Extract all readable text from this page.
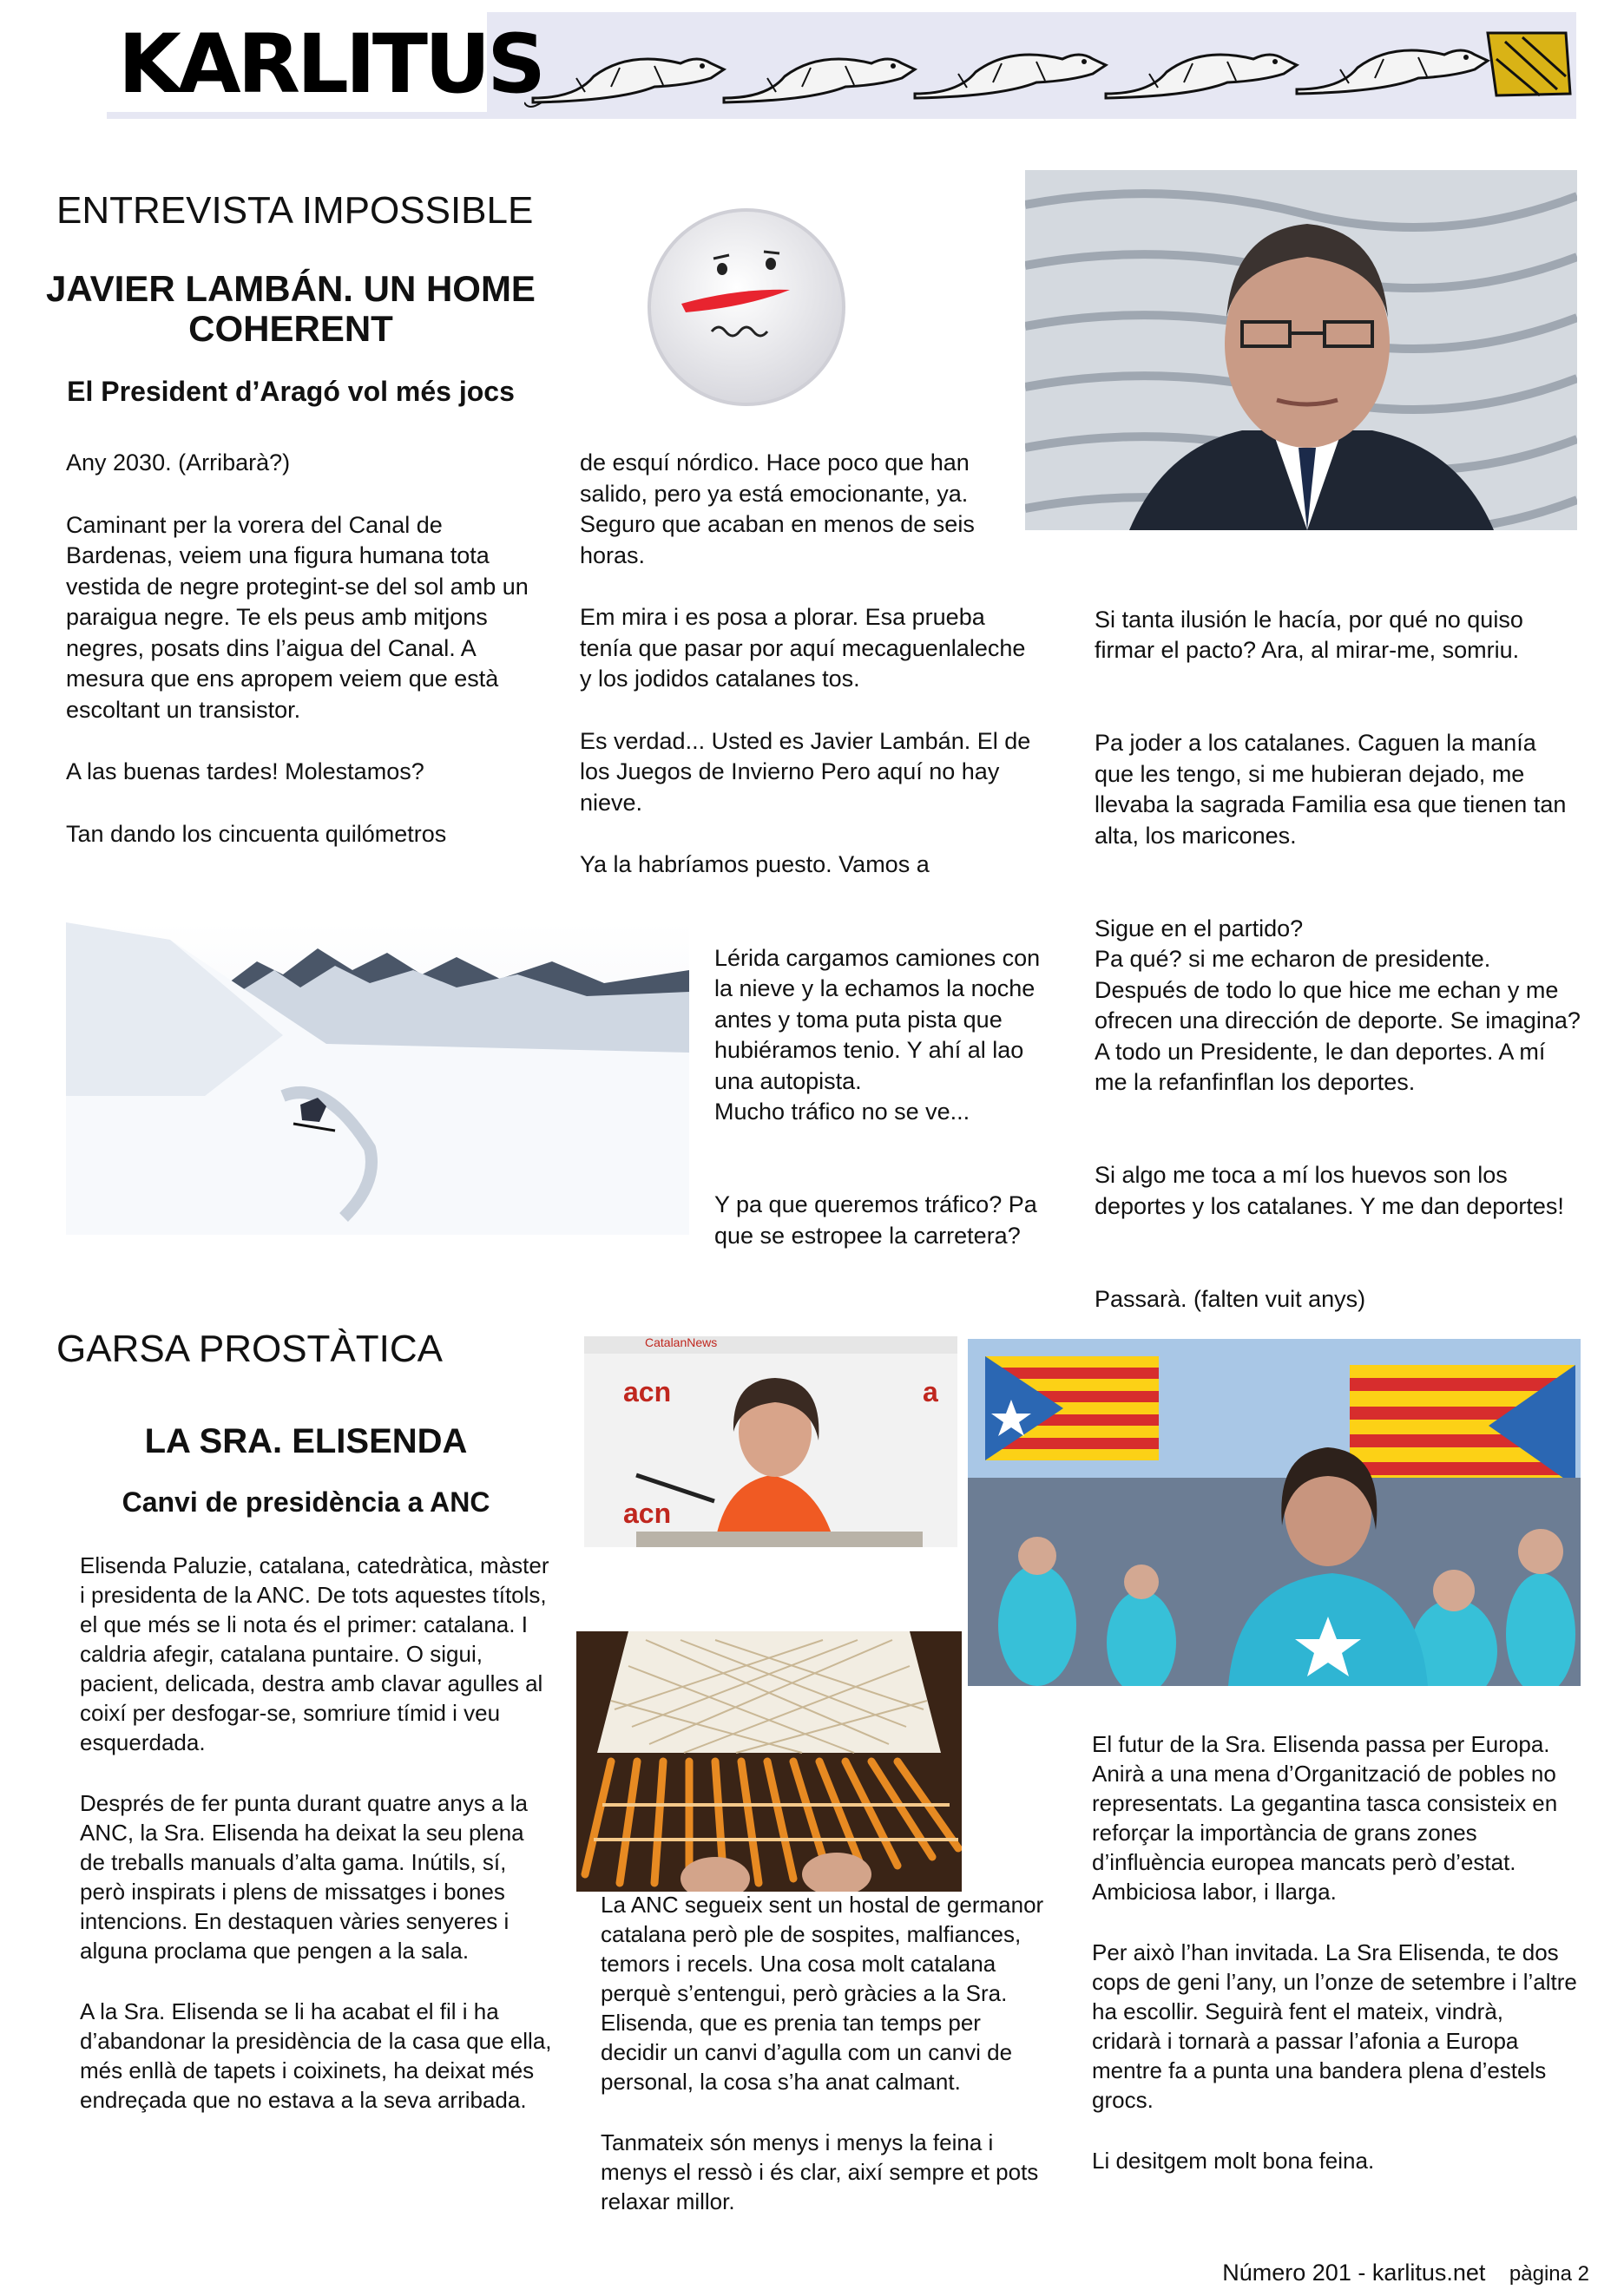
KARLITUS
ENTREVISTA IMPOSSIBLE
JAVIER LAMBÁN. UN HOME COHERENT
El President d’Aragó vol més jocs

Any 2030. (Arribarà?)

Caminant per la vorera del Canal de Bardenas, veiem una figura humana tota vestida de negre protegint-se del sol amb un paraigua negre. Te els peus amb mitjons negres, posats dins l’aigua del Canal. A mesura que ens apropem veiem que està escoltant un transistor.

A las buenas tardes! Molestamos?

Tan dando los cincuenta quilómetros

de esquí nórdico. Hace poco que han salido, pero ya está emocionante, ya. Seguro que acaban en menos de seis horas.

Em mira i es posa a plorar. Esa prueba tenía que pasar por aquí mecaguenlaleche y los jodidos catalanes tos.

Es verdad... Usted es Javier Lambán. El de los Juegos de Invierno Pero aquí no hay nieve.

Ya la habríamos puesto. Vamos a

Lérida cargamos camiones con la nieve y la echamos la noche antes y toma puta pista que hubiéramos tenio. Y ahí al lao una autopista.
Mucho tráfico no se ve...

Y pa que queremos tráfico? Pa que se estropee la carretera?

Si tanta ilusión le hacía, por qué no quiso firmar el pacto? Ara, al mirar-me, somriu.

Pa joder a los catalanes. Caguen la manía que les tengo, si me hubieran dejado, me llevaba la sagrada Familia esa que tienen tan alta, los maricones.

Sigue en el partido?
Pa qué? si me echaron de presidente. Después de todo lo que hice me echan y me ofrecen una dirección de deporte. Se imagina? A todo un Presidente, le dan deportes. A mí me la refanfinflan los deportes.

Si algo me toca a mí los huevos son los deportes y los catalanes. Y me dan deportes!

Passarà. (falten vuit anys)

GARSA PROSTÀTICA
LA SRA. ELISENDA
Canvi de presidència a ANC
CatalanNews
acn	a
acn

Elisenda Paluzie, catalana, catedràtica, màster i presidenta de la ANC. De tots aquestes títols, el que més se li nota és el primer: catalana. I caldria afegir, catalana puntaire. O sigui, pacient, delicada, destra amb clavar agulles al coixí per desfogar-se, somriure tímid i veu esquerdada.

Després de fer punta durant quatre anys a la ANC, la Sra. Elisenda ha deixat la seu plena de treballs manuals d’alta gama. Inútils, sí, però inspirats i plens de missatges i bones intencions. En destaquen vàries senyeres i alguna proclama que pengen a la sala.

A la Sra. Elisenda se li ha acabat el fil i ha d’abandonar la presidència de la casa que ella, més enllà de tapets i coixinets, ha deixat més endreçada que no estava a la seva arribada.

La ANC segueix sent un hostal de germanor catalana però ple de sospites, malfiances, temors i recels. Una cosa molt catalana perquè s’entengui, però gràcies a la Sra. Elisenda, que es prenia tan temps per decidir un canvi d’agulla com un canvi de personal, la cosa s’ha anat calmant.

Tanmateix són menys i menys la feina i menys el ressò i és clar, així sempre et pots relaxar millor.

El futur de la Sra. Elisenda passa per Europa. Anirà a una mena d’Organització de pobles no representats. La gegantina tasca consisteix en reforçar la importància de grans zones d’influència europea mancats però d’estat. Ambiciosa labor, i llarga.

Per això l’han invitada. La Sra Elisenda, te dos cops de geni l’any, un l’onze de setembre i l’altre ha escollir. Seguirà fent el mateix, vindrà, cridarà i tornarà a passar l’afonia a Europa mentre fa a punta una bandera plena d’estels grocs.

Li desitgem molt bona feina.

Número 201 - karlitus.net pàgina 2
